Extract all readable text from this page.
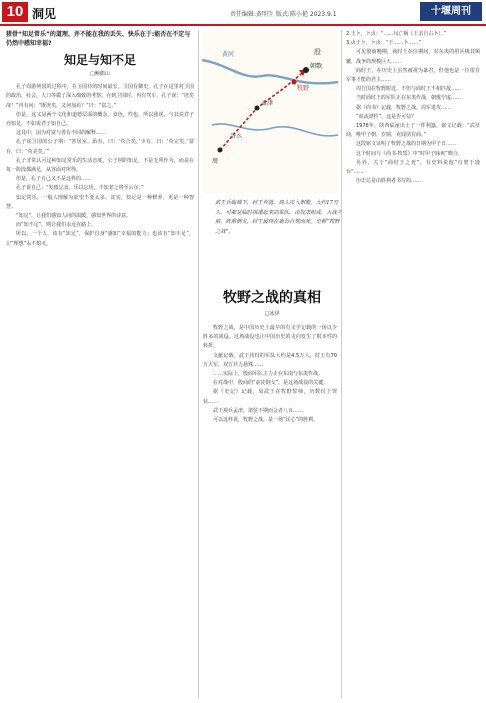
10 洞见	责任编辑:黄明生 版式:陈小艳 2023.9.1	十堰周刊
猪骨“知足常乐”的道理，并不能在我的丢失、快乐在于:能否在不定与仍然中感知幸福?
知足与知不足
□鲍鹤山

孔子周游列国的过程中，在卫国待的时间最长。卫国有御史，孔子在这里对卫国的政治、社会、人口等做了深入细致的考察。在到卫国时，冉有驾车，孔子说：“庶矣哉！”冉有问：“既庶矣，又何加焉？”曰：“富之。”

但是，这又是两个文化和道德层面的概念。食色，性也，所以我说，与其说君子亦知足，不如说君子知自己。

这其中，因为对富与善有不同的解释……

孔子说卫国的公子荆：“善居室。始有，曰：‘苟合矣。’少有，曰：‘苟完矣。’富有，曰：‘苟美矣。’”

孔子非常认可这种知足常乐的生活态度，公子荆的知足，不是无所作为，而是在每一阶段都满足，从容面对所得。

但是，孔子自己又不是这样的……

孔子说自己：“发愤忘食，乐以忘忧，不知老之将至云尔。”

知足常乐，一般人理解为欲望不要太多。其实，知足是一种修养，更是一种智慧。

“知足”，让我们感知人间的温暖，感知世界的诗意。

而“知不足”，则让我们永远在路上。

所以，一个人，该有“知足”，保护自身“感知”幸福的能力；也该有“知不足”，让“理想”永不熄灭。

孟津
朝歌
牧野
殷
黄河
洛水
周
武王兵临城下，纣王弃逃，周人攻入朝歌。大约17万人，可都是临时拼凑起来的军队，由奴隶组成，大战当前，阵前倒戈，纣王最终在鹿台自焚而死。史称“牧野之战”。
牧野之战的真相
□冰伊

牧野之战，是中国历史上最早的有文字记载的一场以少胜多的战役。这场战役也让中国历史的走向发生了根本性的转折。

文献记载，武王伐纣的军队大约是4.5万人，纣王有70万大军，双方兵力悬殊……

……实际上，殷商军队主力正在东南与东夷作战。

在对战中，殷商的“前徒倒戈”，是这场战役的关键。

据《史记》记载，周武王在牧野誓师，历数纣王罪状……

武王观兵孟津，诸侯不期而会者八百……

可以这样说，牧野之战，是一场“民心”的胜利。

2.王卜，卜贞：“……旬亡祸（王亲自占卜）。”

3.贞王卜，卜贞：“王……卜……”

可见殷商晚期，商纣王在位期间，对东夷的用兵极其频繁，战争的规模巨大……

商纣王，在历史上虽然被视为暴君，但他也是一位很有军事才能的君主……

周方国在牧野附近，不但与商纣王不相匹敌……

当时商纣王的军队正在东夷作战，朝歌空虚……

据《尚书》记载，牧野之战，周军进攻……

“血流漂杵”，这是否可信？

1976年，陕西临潼出土了一件利簋，铭文记载：“武征商，唯甲子朝，岁鼎，克闻夙有商。”

这段铭文证明了牧野之战的日期为甲子日……

这个时间与《尚书·牧誓》中“时甲子昧爽”吻合。

另外，关于“商纣王之死”，有史料说他“自焚于鹿台”……

历史总是由胜利者书写的……
